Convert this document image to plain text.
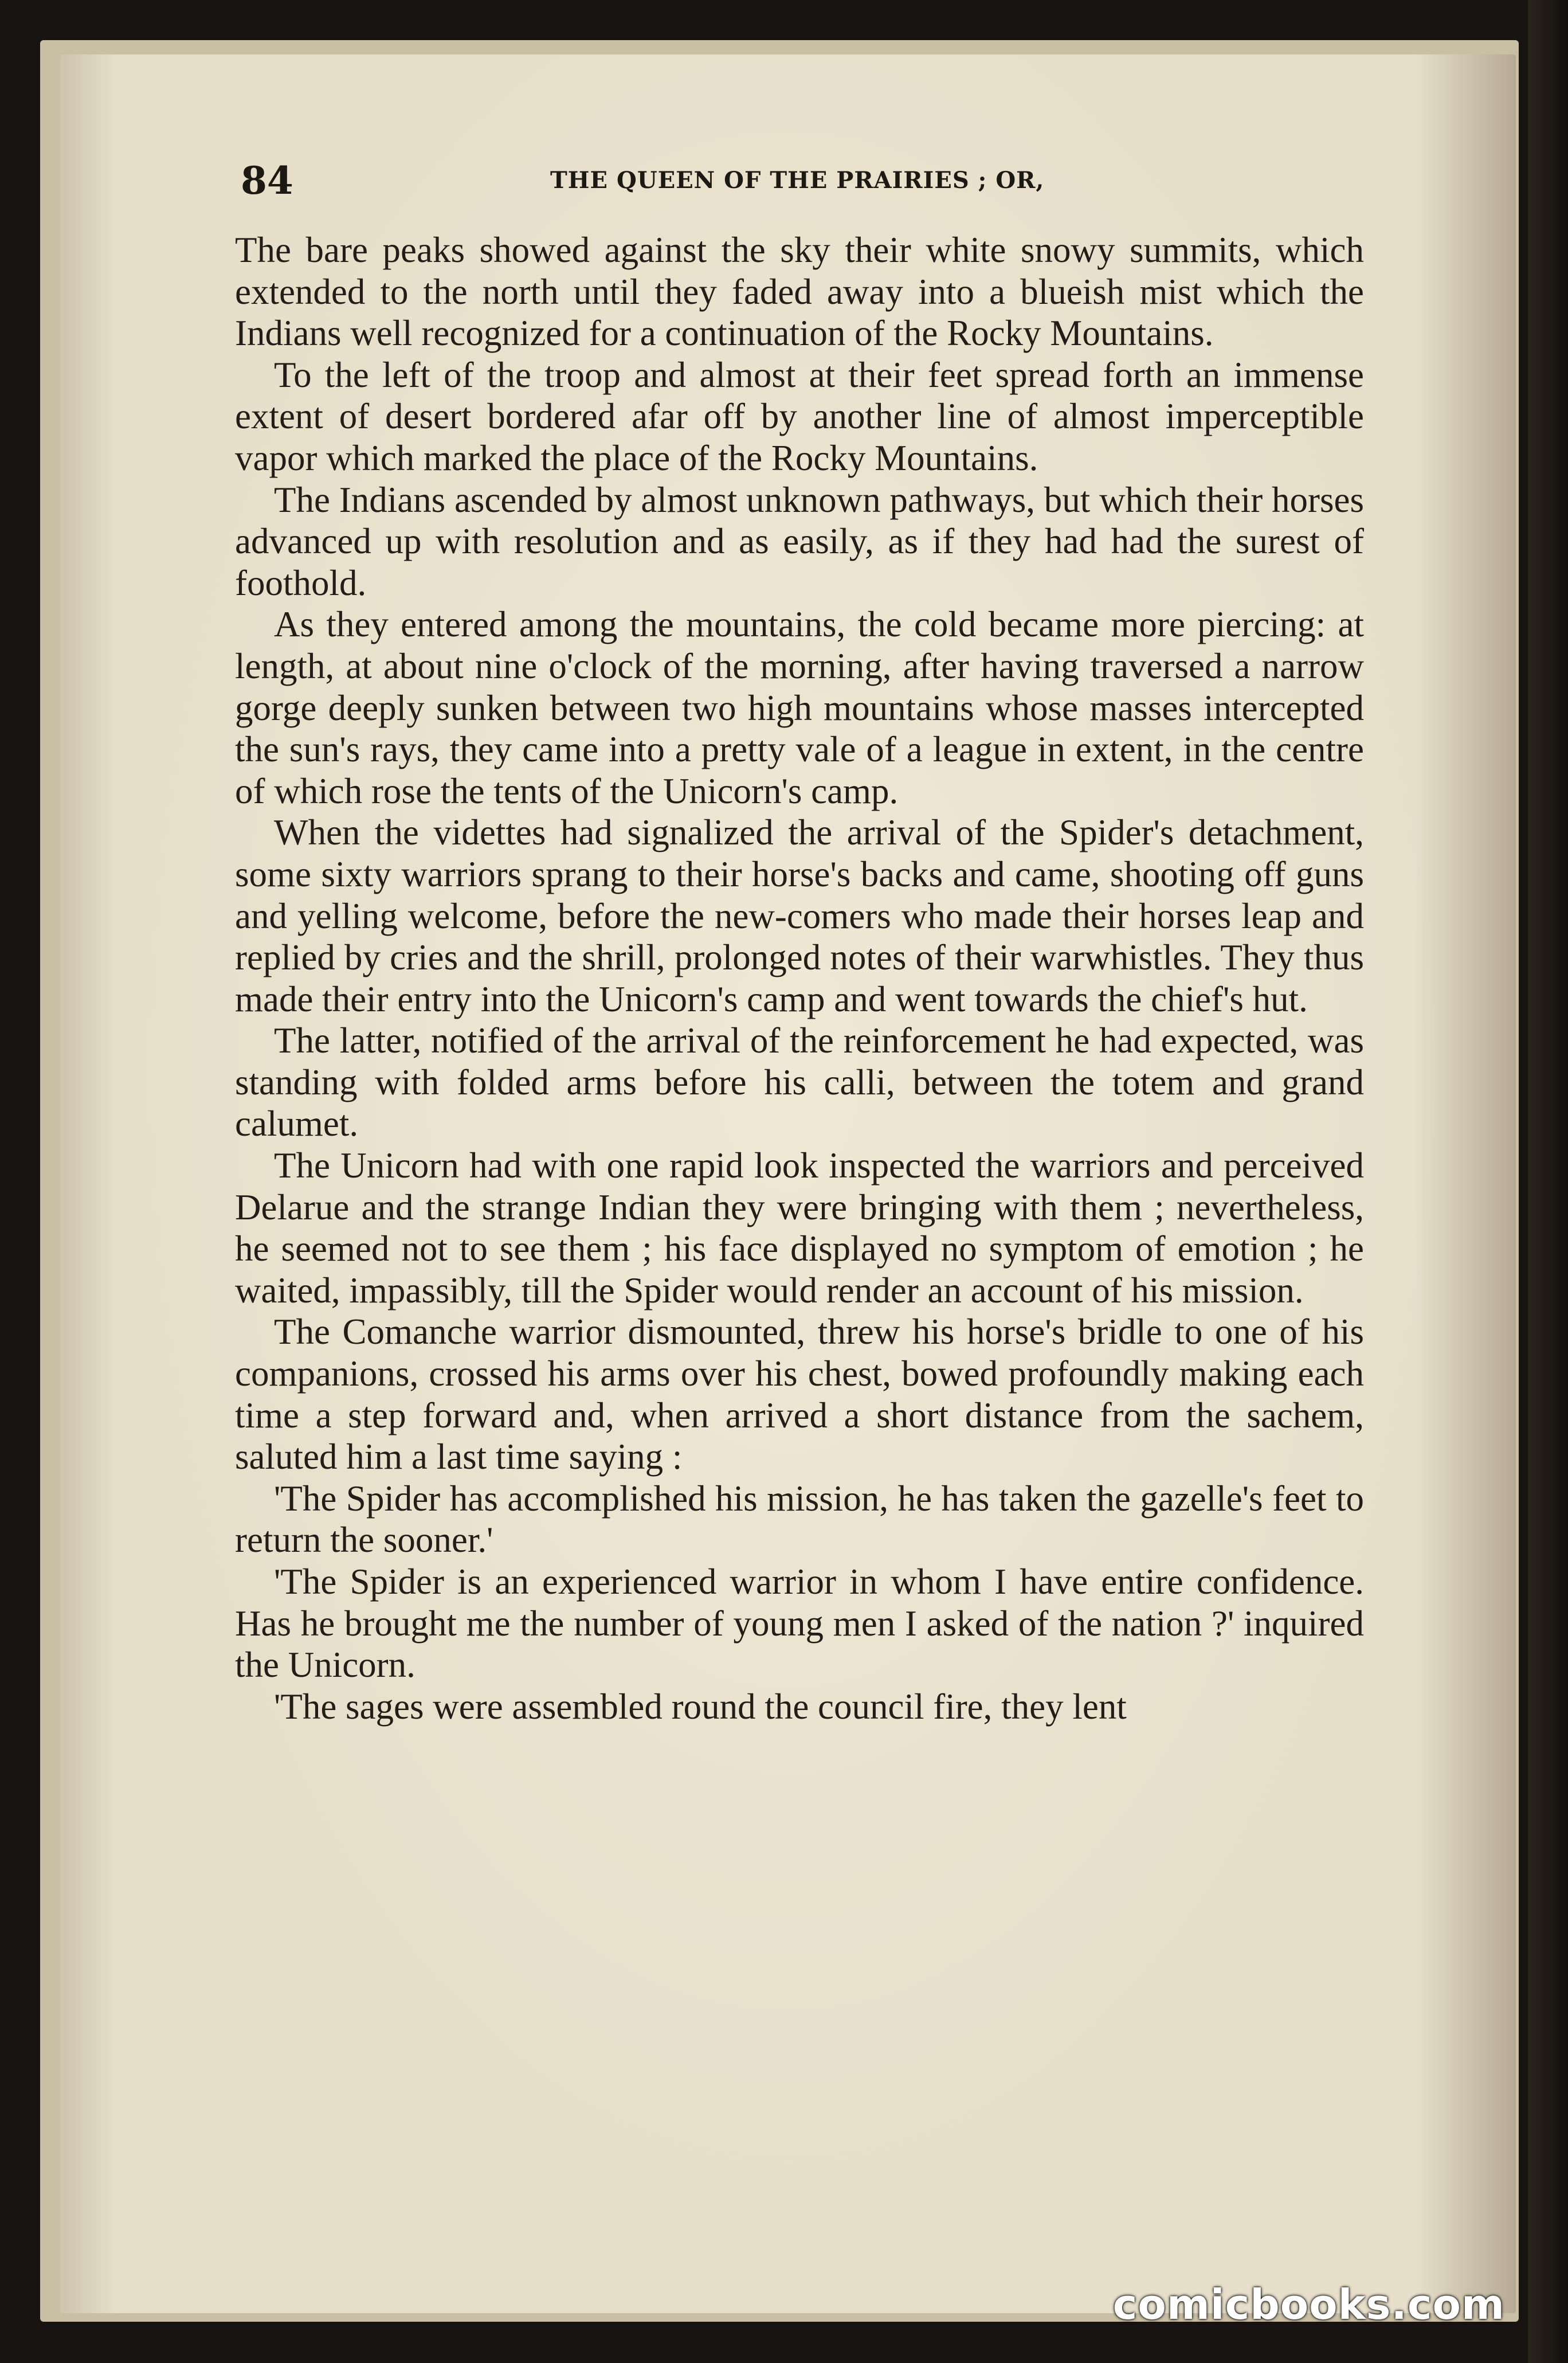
84	THE QUEEN OF THE PRAIRIES ; OR,

The bare peaks showed against the sky their white snowy summits, which extended to the north until they faded away into a blueish mist which the Indians well recognized for a continuation of the Rocky Mountains.

To the left of the troop and almost at their feet spread forth an immense extent of desert bordered afar off by another line of almost imperceptible vapor which marked the place of the Rocky Mountains.

The Indians ascended by almost unknown pathways, but which their horses advanced up with resolution and as easily, as if they had had the surest of foothold.

As they entered among the mountains, the cold became more piercing: at length, at about nine o'clock of the morning, after having traversed a narrow gorge deeply sunken between two high mountains whose masses intercepted the sun's rays, they came into a pretty vale of a league in extent, in the centre of which rose the tents of the Unicorn's camp.

When the videttes had signalized the arrival of the Spider's detachment, some sixty warriors sprang to their horse's backs and came, shooting off guns and yelling welcome, before the new-comers who made their horses leap and replied by cries and the shrill, prolonged notes of their warwhistles. They thus made their entry into the Unicorn's camp and went towards the chief's hut.

The latter, notified of the arrival of the reinforcement he had expected, was standing with folded arms before his calli, between the totem and grand calumet.

The Unicorn had with one rapid look inspected the warriors and perceived Delarue and the strange Indian they were bringing with them ; nevertheless, he seemed not to see them ; his face displayed no symptom of emotion ; he waited, impassibly, till the Spider would render an account of his mission.

The Comanche warrior dismounted, threw his horse's bridle to one of his companions, crossed his arms over his chest, bowed profoundly making each time a step forward and, when arrived a short distance from the sachem, saluted him a last time saying :

'The Spider has accomplished his mission, he has taken the gazelle's feet to return the sooner.'

'The Spider is an experienced warrior in whom I have entire confidence. Has he brought me the number of young men I asked of the nation ?' inquired the Unicorn.

'The sages were assembled round the council fire, they lent

comicbooks.com
